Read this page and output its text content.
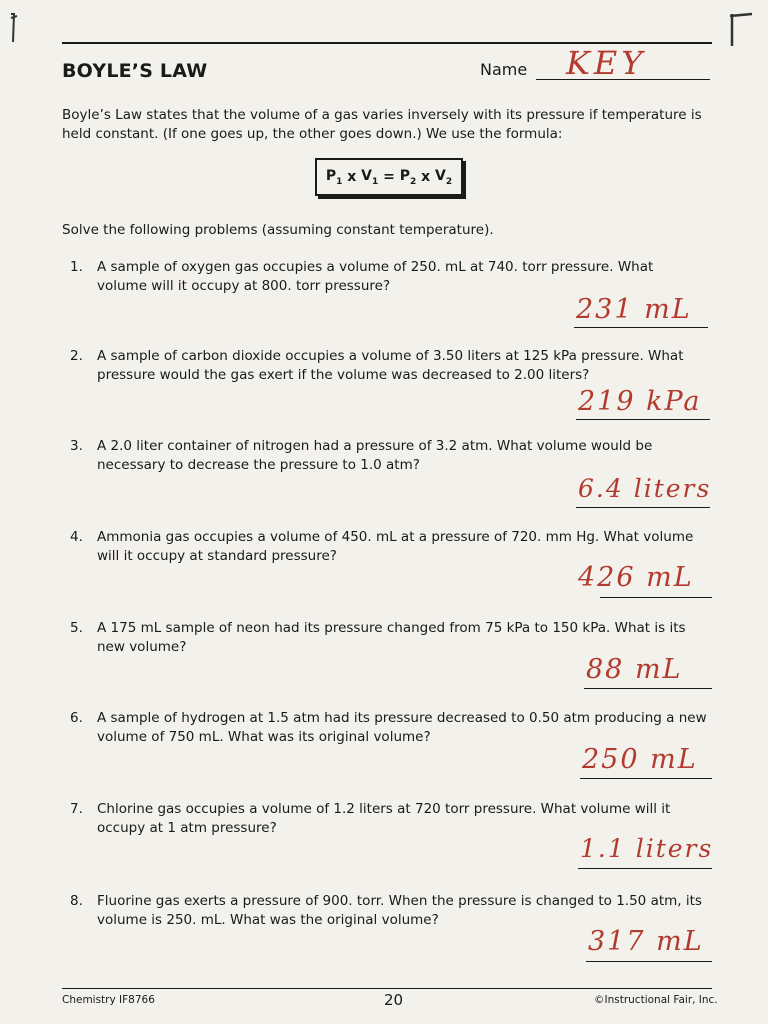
BOYLE’S LAW	Name KEY
Boyle’s Law states that the volume of a gas varies inversely with its pressure if temperature is held constant. (If one goes up, the other goes down.) We use the formula:
$P_1$
x
$V_1$
=
$P_2$
x
$V_2$
Solve the following problems (assuming constant temperature).
1.	A sample of oxygen gas occupies a volume of 250. mL at 740. torr pressure. What volume will it occupy at 800. torr pressure?
231 mL
2.	A sample of carbon dioxide occupies a volume of 3.50 liters at 125 kPa pressure. What pressure would the gas exert if the volume was decreased to 2.00 liters?
219 kPa
3.	A 2.0 liter container of nitrogen had a pressure of 3.2 atm. What volume would be necessary to decrease the pressure to 1.0 atm?
6.4 liters
4.	Ammonia gas occupies a volume of 450. mL at a pressure of 720. mm Hg. What volume will it occupy at standard pressure?
426 mL
5.	A 175 mL sample of neon had its pressure changed from 75 kPa to 150 kPa. What is its new volume?
88 mL
6.	A sample of hydrogen at 1.5 atm had its pressure decreased to 0.50 atm producing a new volume of 750 mL. What was its original volume?
250 mL
7.	Chlorine gas occupies a volume of 1.2 liters at 720 torr pressure. What volume will it occupy at 1 atm pressure?
1.1 liters
8.	Fluorine gas exerts a pressure of 900. torr. When the pressure is changed to 1.50 atm, its volume is 250. mL. What was the original volume?
317 mL
Chemistry IF8766	20	©Instructional Fair, Inc.
